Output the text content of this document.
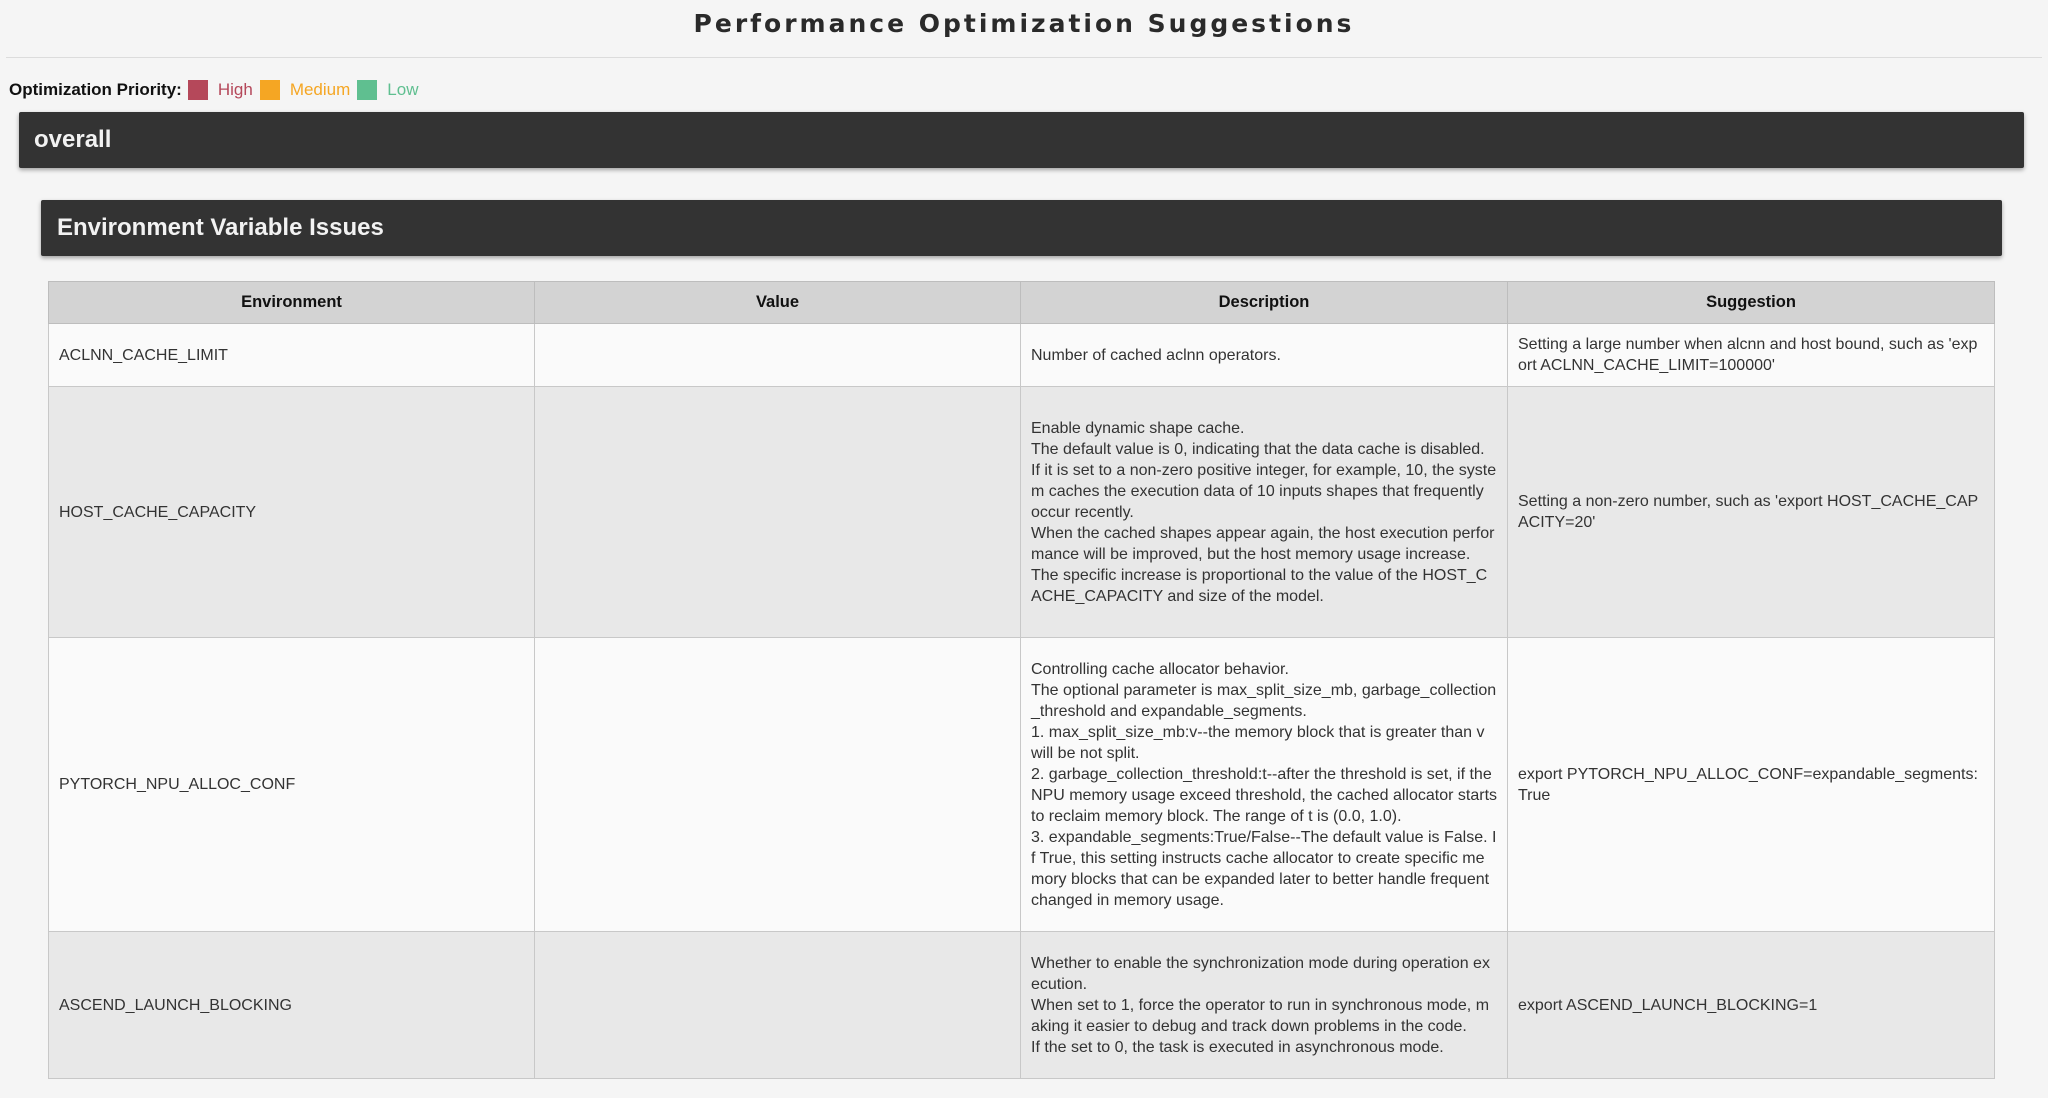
Performance Optimization Suggestions
Optimization Priority: High Medium Low
overall
Environment Variable Issues
Environment	Value	Description	Suggestion
ACLNN_CACHE_LIMIT		Number of cached aclnn operators.	Setting a large number when alcnn and host bound, such as 'export ACLNN_CACHE_LIMIT=100000'
HOST_CACHE_CAPACITY		Enable dynamic shape cache.
The default value is 0, indicating that the data cache is disabled.
If it is set to a non-zero positive integer, for example, 10, the system caches the execution data of 10 inputs shapes that frequently occur recently.
When the cached shapes appear again, the host execution performance will be improved, but the host memory usage increase.
The specific increase is proportional to the value of the HOST_CACHE_CAPACITY and size of the model.	Setting a non-zero number, such as 'export HOST_CACHE_CAPACITY=20'
PYTORCH_NPU_ALLOC_CONF		Controlling cache allocator behavior.
The optional parameter is max_split_size_mb, garbage_collection_threshold and expandable_segments.
1. max_split_size_mb:v--the memory block that is greater than v will be not split.
2. garbage_collection_threshold:t--after the threshold is set, if the NPU memory usage exceed threshold, the cached allocator starts to reclaim memory block. The range of t is (0.0, 1.0).
3. expandable_segments:True/False--The default value is False. If True, this setting instructs cache allocator to create specific memory blocks that can be expanded later to better handle frequent changed in memory usage.	export PYTORCH_NPU_ALLOC_CONF=expandable_segments:True
ASCEND_LAUNCH_BLOCKING		Whether to enable the synchronization mode during operation execution.
When set to 1, force the operator to run in synchronous mode, making it easier to debug and track down problems in the code.
If the set to 0, the task is executed in asynchronous mode.	export ASCEND_LAUNCH_BLOCKING=1
